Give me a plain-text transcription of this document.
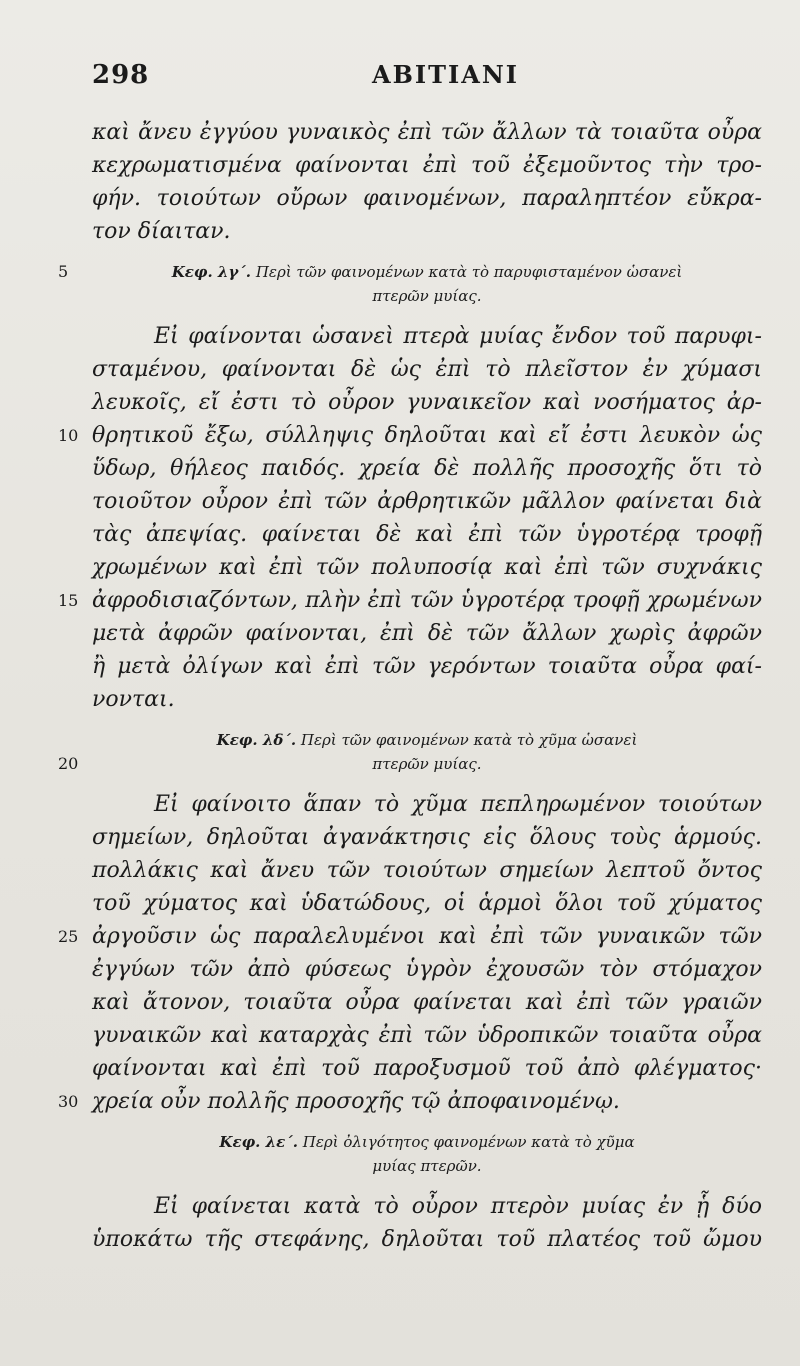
298	ΑΒΙΤΙΑΝΙ
καὶ ἄνευ ἐγγύου γυναικὸς ἐπὶ τῶν ἄλλων τὰ τοιαῦτα οὖρα
κεχρωματισμένα φαίνονται ἐπὶ τοῦ ἐξεμοῦντος τὴν τρο-
φήν. τοιούτων οὔρων φαινομένων, παραληπτέον εὔκρα-
τον δίαιταν.
5	Κεφ. λγ΄. Περὶ τῶν φαινομένων κατὰ τὸ παρυφισταμένον ὡσανεὶ
πτερῶν μυίας.
Εἰ φαίνονται ὡσανεὶ πτερὰ μυίας ἔνδον τοῦ παρυφι-
σταμένου, φαίνονται δὲ ὡς ἐπὶ τὸ πλεῖστον ἐν χύμασι
λευκοῖς, εἴ ἐστι τὸ οὖρον γυναικεῖον καὶ νοσήματος ἀρ-
10 θρητικοῦ ἔξω, σύλληψις δηλοῦται καὶ εἴ ἐστι λευκὸν ὡς
ὕδωρ, θήλεος παιδός. χρεία δὲ πολλῆς προσοχῆς ὅτι τὸ
τοιοῦτον οὖρον ἐπὶ τῶν ἀρθρητικῶν μᾶλλον φαίνεται διὰ
τὰς ἀπεψίας. φαίνεται δὲ καὶ ἐπὶ τῶν ὑγροτέρᾳ τροφῇ
χρωμένων καὶ ἐπὶ τῶν πολυποσίᾳ καὶ ἐπὶ τῶν συχνάκις
15 ἀφροδισιαζόντων, πλὴν ἐπὶ τῶν ὑγροτέρᾳ τροφῇ χρωμένων
μετὰ ἀφρῶν φαίνονται, ἐπὶ δὲ τῶν ἄλλων χωρὶς ἀφρῶν
ἢ μετὰ ὀλίγων καὶ ἐπὶ τῶν γερόντων τοιαῦτα οὖρα φαί-
νονται.
Κεφ. λδ΄. Περὶ τῶν φαινομένων κατὰ τὸ χῦμα ὡσανεὶ
20	πτερῶν μυίας.
Εἰ φαίνοιτο ἅπαν τὸ χῦμα πεπληρωμένον τοιούτων
σημείων, δηλοῦται ἀγανάκτησις εἰς ὅλους τοὺς ἁρμούς.
πολλάκις καὶ ἄνευ τῶν τοιούτων σημείων λεπτοῦ ὄντος
τοῦ χύματος καὶ ὑδατώδους, οἱ ἁρμοὶ ὅλοι τοῦ χύματος
25 ἀργοῦσιν ὡς παραλελυμένοι καὶ ἐπὶ τῶν γυναικῶν τῶν
ἐγγύων τῶν ἀπὸ φύσεως ὑγρὸν ἐχουσῶν τὸν στόμαχον
καὶ ἄτονον, τοιαῦτα οὖρα φαίνεται καὶ ἐπὶ τῶν γραιῶν
γυναικῶν καὶ καταρχὰς ἐπὶ τῶν ὑδροπικῶν τοιαῦτα οὖρα
φαίνονται καὶ ἐπὶ τοῦ παροξυσμοῦ τοῦ ἀπὸ φλέγματος·
30 χρεία οὖν πολλῆς προσοχῆς τῷ ἀποφαινομένῳ.
Κεφ. λε΄. Περὶ ὀλιγότητος φαινομένων κατὰ τὸ χῦμα
μυίας πτερῶν.
Εἰ φαίνεται κατὰ τὸ οὖρον πτερὸν μυίας ἐν ᾗ δύο
ὑποκάτω τῆς στεφάνης, δηλοῦται τοῦ πλατέος τοῦ ὤμου
